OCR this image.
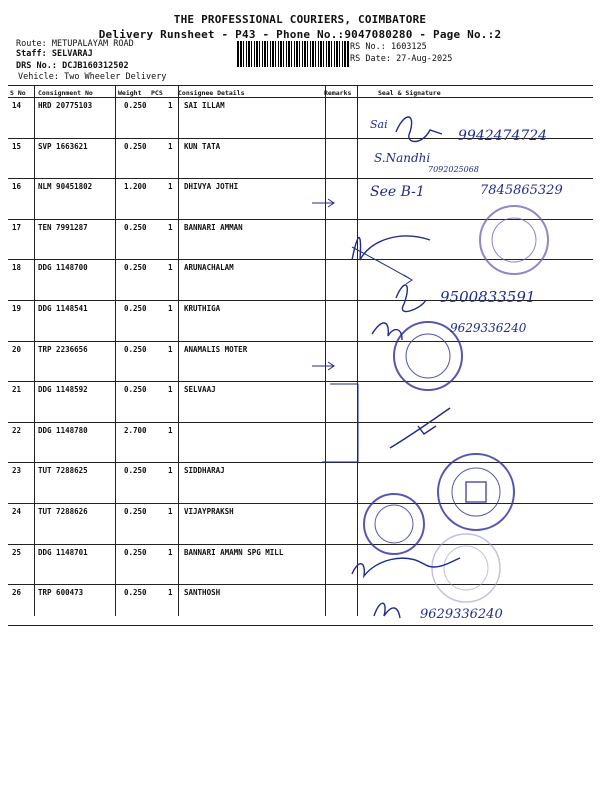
THE PROFESSIONAL COURIERS, COIMBATORE
Delivery Runsheet - P43 - Phone No.:9047080280 - Page No.:2
Route: METUPALAYAM ROAD
Staff: SELVARAJ
DRS No.: DCJB160312502
Vehicle: Two Wheeler Delivery
RS No.: 1603125
RS Date: 27-Aug-2025
S No Consignment No	Weight PCS Consignee Details	Remarks	Seal & Signature
14 HRD 20775103	0.250	1 SAI ILLAM
15 SVP 1663621	0.250	1 KUN TATA
16 NLM 90451802	1.200	1 DHIVYA JOTHI
17 TEN 7991287	0.250	1 BANNARI AMMAN
18 DDG 1148700	0.250	1 ARUNACHALAM
19 DDG 1148541	0.250	1 KRUTHIGA
20 TRP 2236656	0.250	1 ANAMALIS MOTER
21 DDG 1148592	0.250	1 SELVAAJ
22 DDG 1148780	2.700	1
23 TUT 7288625	0.250	1 SIDDHARAJ
24 TUT 7288626	0.250	1 VIJAYPRAKSH
25 DDG 1148701	0.250	1 BANNARI AMAMN SPG MILL
26 TRP 600473	0.250	1 SANTHOSH
Sai
9942474724
S.Nandhi
7092025068
See B-1	7845865329
9500833591
9629336240
9629336240
